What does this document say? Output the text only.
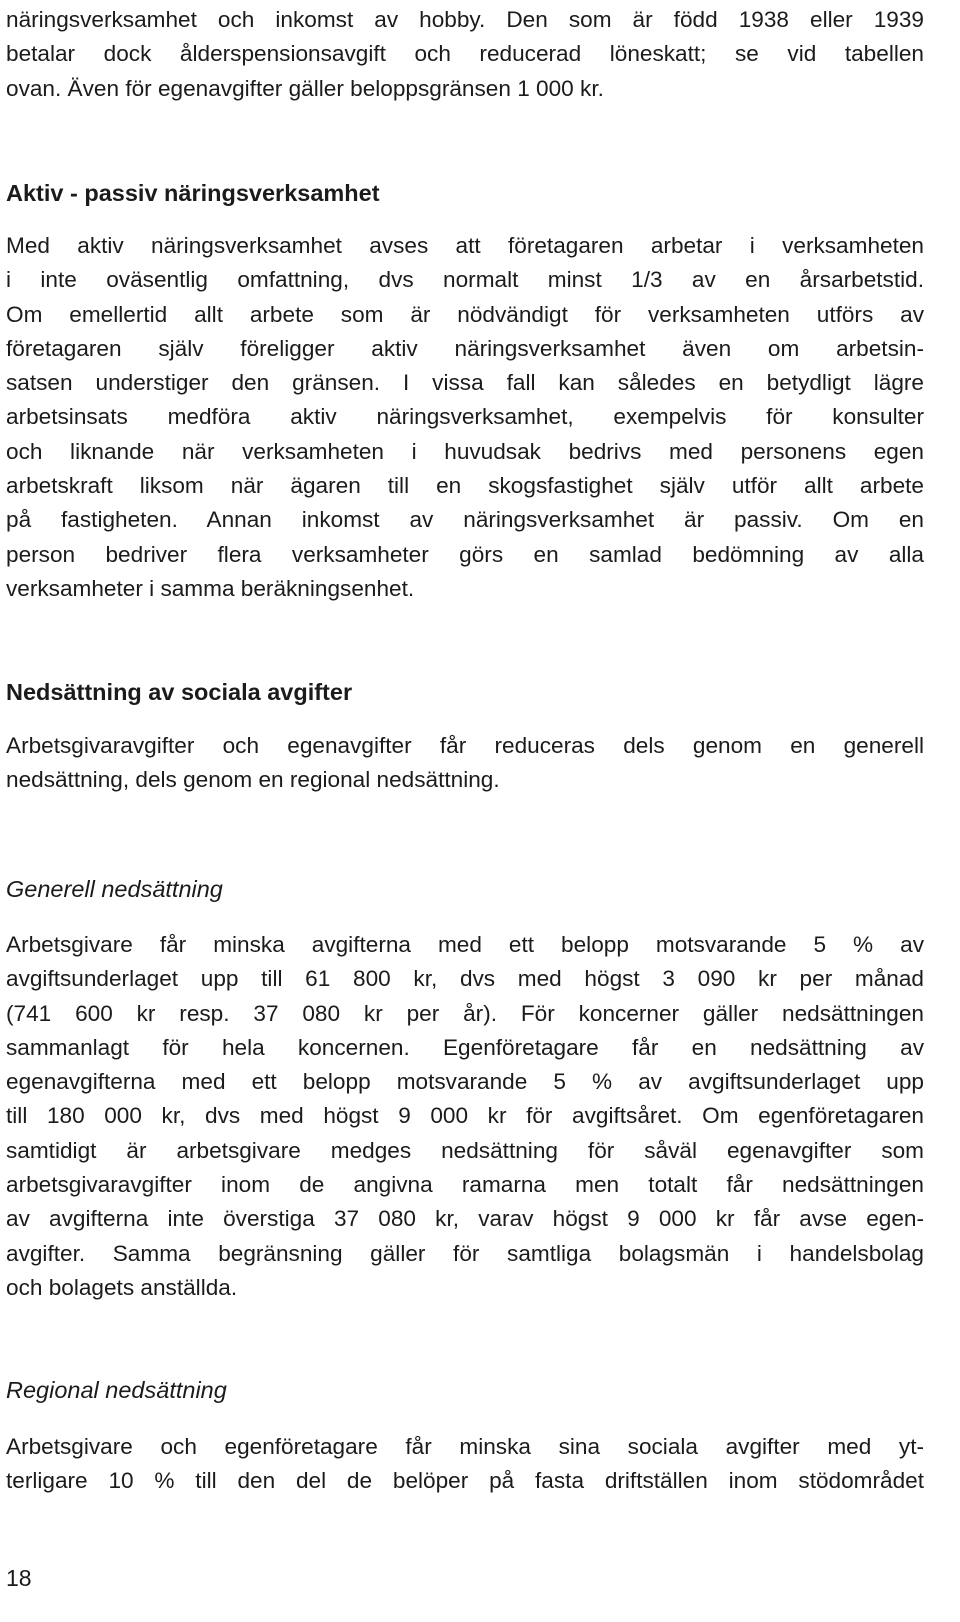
näringsverksamhet och inkomst av hobby. Den som är född 1938 eller 1939
betalar dock ålderspensionsavgift och reducerad löneskatt; se vid tabellen
ovan. Även för egenavgifter gäller beloppsgränsen 1 000 kr.

Aktiv - passiv näringsverksamhet

Med aktiv näringsverksamhet avses att företagaren arbetar i verksamheten
i inte oväsentlig omfattning, dvs normalt minst 1/3 av en årsarbetstid.
Om emellertid allt arbete som är nödvändigt för verksamheten utförs av
företagaren själv föreligger aktiv näringsverksamhet även om arbetsin-
satsen understiger den gränsen. I vissa fall kan således en betydligt lägre
arbetsinsats medföra aktiv näringsverksamhet, exempelvis för konsulter
och liknande när verksamheten i huvudsak bedrivs med personens egen
arbetskraft liksom när ägaren till en skogsfastighet själv utför allt arbete
på fastigheten. Annan inkomst av näringsverksamhet är passiv. Om en
person bedriver flera verksamheter görs en samlad bedömning av alla
verksamheter i samma beräkningsenhet.

Nedsättning av sociala avgifter

Arbetsgivaravgifter och egenavgifter får reduceras dels genom en generell
nedsättning, dels genom en regional nedsättning.

Generell nedsättning

Arbetsgivare får minska avgifterna med ett belopp motsvarande 5 % av
avgiftsunderlaget upp till 61 800 kr, dvs med högst 3 090 kr per månad
(741 600 kr resp. 37 080 kr per år). För koncerner gäller nedsättningen
sammanlagt för hela koncernen. Egenföretagare får en nedsättning av
egenavgifterna med ett belopp motsvarande 5 % av avgiftsunderlaget upp
till 180 000 kr, dvs med högst 9 000 kr för avgiftsåret. Om egenföretagaren
samtidigt är arbetsgivare medges nedsättning för såväl egenavgifter som
arbetsgivaravgifter inom de angivna ramarna men totalt får nedsättningen
av avgifterna inte överstiga 37 080 kr, varav högst 9 000 kr får avse egen-
avgifter. Samma begränsning gäller för samtliga bolagsmän i handelsbolag
och bolagets anställda.

Regional nedsättning

Arbetsgivare och egenföretagare får minska sina sociala avgifter med yt-
terligare 10 % till den del de belöper på fasta driftställen inom stödområdet

18
